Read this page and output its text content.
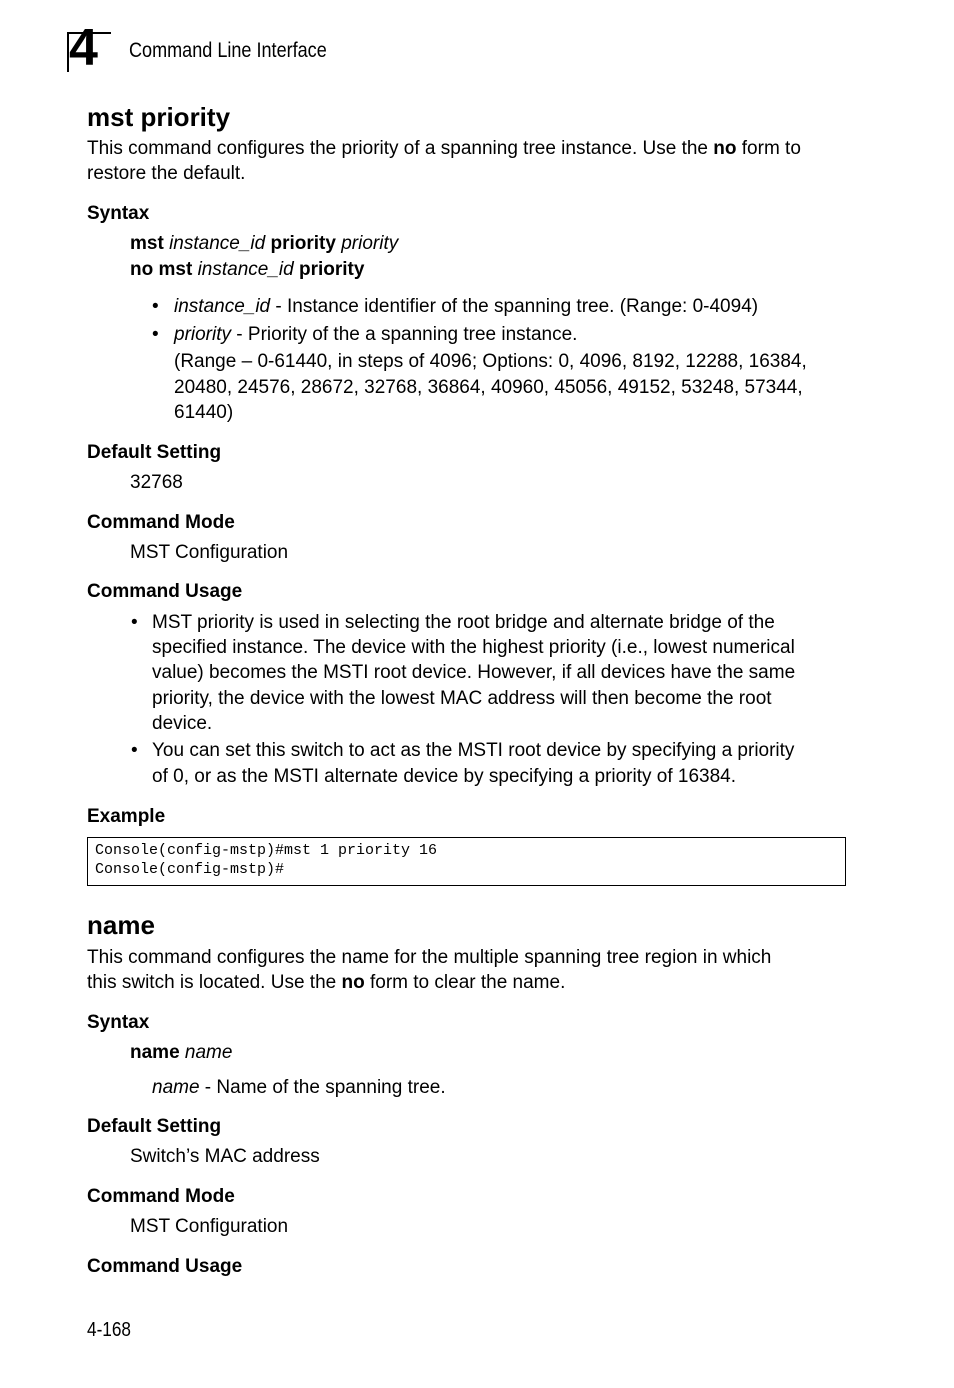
4 Command Line Interface
mst priority
This command configures the priority of a spanning tree instance. Use the no form to restore the default.
Syntax
mst instance_id priority priority
no mst instance_id priority
• instance_id - Instance identifier of the spanning tree. (Range: 0-4094)
• priority - Priority of the a spanning tree instance.
(Range – 0-61440, in steps of 4096; Options: 0, 4096, 8192, 12288, 16384,
20480, 24576, 28672, 32768, 36864, 40960, 45056, 49152, 53248, 57344,
61440)
Default Setting
32768
Command Mode
MST Configuration
Command Usage
• MST priority is used in selecting the root bridge and alternate bridge of the
specified instance. The device with the highest priority (i.e., lowest numerical
value) becomes the MSTI root device. However, if all devices have the same
priority, the device with the lowest MAC address will then become the root
device.
• You can set this switch to act as the MSTI root device by specifying a priority
of 0, or as the MSTI alternate device by specifying a priority of 16384.
Example
Console(config-mstp)#mst 1 priority 16
Console(config-mstp)#
name
This command configures the name for the multiple spanning tree region in which
this switch is located. Use the no form to clear the name.
Syntax
name name
name - Name of the spanning tree.
Default Setting
Switch’s MAC address
Command Mode
MST Configuration
Command Usage
4-168
